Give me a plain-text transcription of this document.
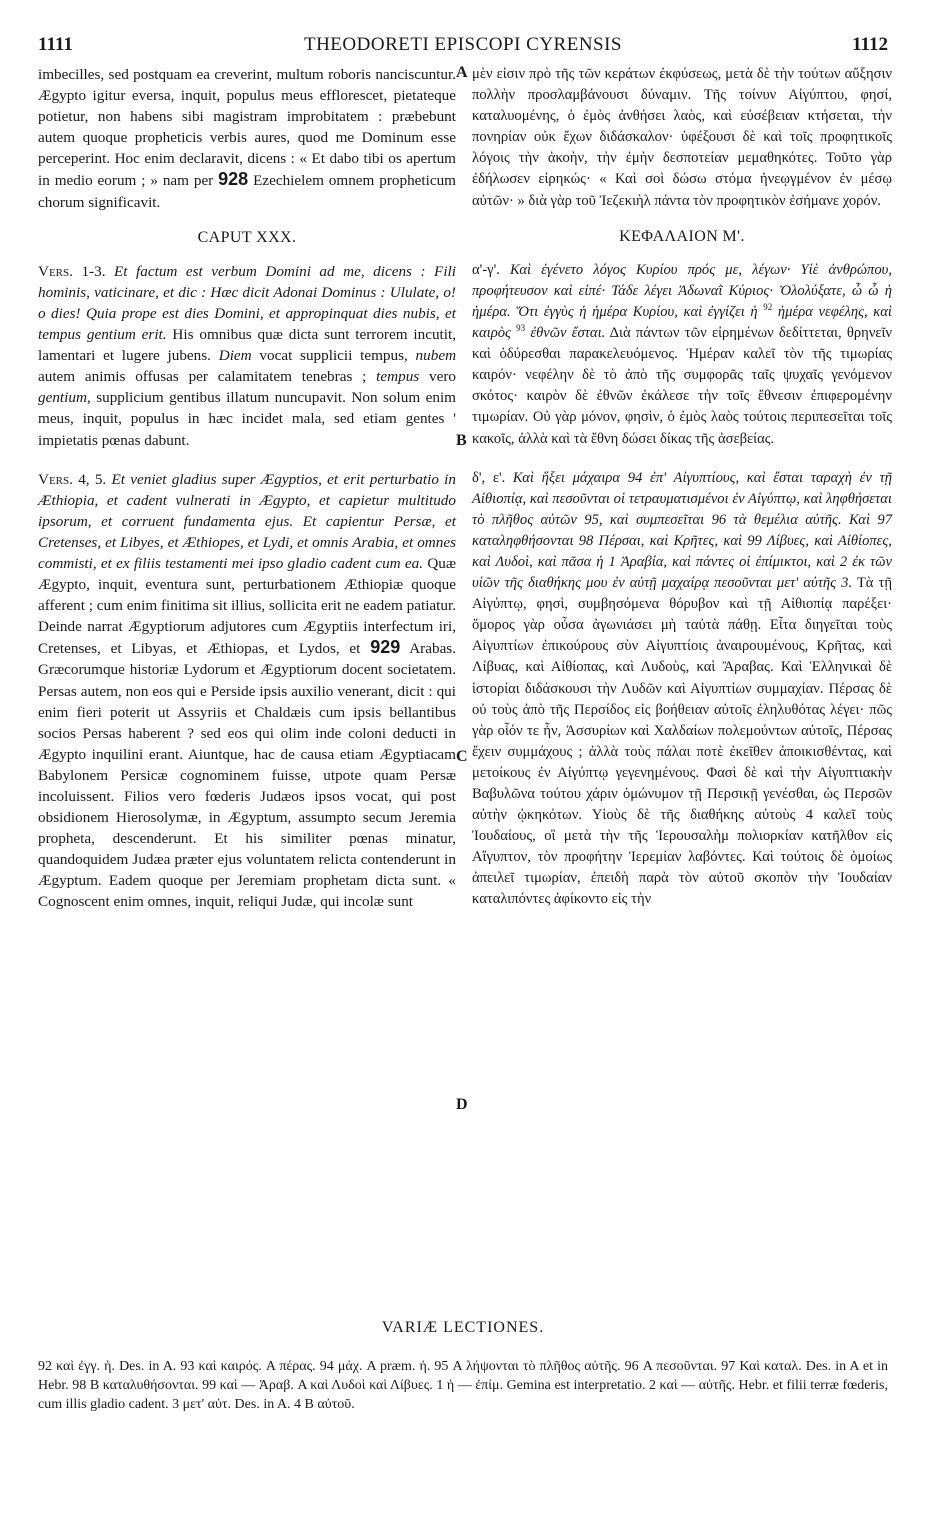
1111	THEODORETI EPISCOPI CYRENSIS	1112

imbecilles, sed postquam ea creverint, multum roboris nanciscuntur. Ægypto igitur eversa, inquit, populus meus efflorescet, pietateque potietur, non habens sibi magistram improbitatem : præbebunt autem quoque propheticis verbis aures, quod me Dominum esse perceperint. Hoc enim declaravit, dicens : « Et dabo tibi os apertum in medio eorum ; » nam per 928 Ezechielem omnem propheticum chorum significavit.

CAPUT XXX.

Vers. 1-3. Et factum est verbum Domini ad me, dicens : Fili hominis, vaticinare, et dic : Hæc dicit Adonai Dominus : Ululate, o! o dies! Quia prope est dies Domini, et appropinquat dies nubis, et tempus gentium erit. His omnibus quæ dicta sunt terrorem incutit, lamentari et lugere jubens. Diem vocat supplicii tempus, nubem autem animis offusas per calamitatem tenebras ; tempus vero gentium, supplicium gentibus illatum nuncupavit. Non solum enim meus, inquit, populus in hæc incidet mala, sed etiam gentes ' impietatis pœnas dabunt.

Vers. 4, 5. Et veniet gladius super Ægyptios, et erit perturbatio in Æthiopia, et cadent vulnerati in Ægypto, et capietur multitudo ipsorum, et corruent fundamenta ejus. Et capientur Persæ, et Cretenses, et Libyes, et Æthiopes, et Lydi, et omnis Arabia, et omnes commisti, et ex filiis testamenti mei ipso gladio cadent cum ea. Quæ Ægypto, inquit, eventura sunt, perturbationem Æthiopiæ quoque afferent ; cum enim finitima sit illius, sollicita erit ne eadem patiatur. Deinde narrat Ægyptiorum adjutores cum Ægyptiis interfectum iri, Cretenses, et Libyas, et Æthiopas, et Lydos, et 929 Arabas. Græcorumque historiæ Lydorum et Ægyptiorum docent societatem. Persas autem, non eos qui e Perside ipsis auxilio venerant, dicit : qui enim fieri poterit ut Assyriis et Chaldæis cum ipsis bellantibus socios Persas haberent ? sed eos qui olim inde coloni deducti in Ægypto inquilini erant. Aiuntque, hac de causa etiam Ægyptiacam Babylonem Persicæ cognominem fuisse, utpote quam Persæ incoluissent. Filios vero fœderis Judæos ipsos vocat, qui post obsidionem Hierosolymæ, in Ægyptum, assumpto secum Jeremia propheta, descenderunt. Et his similiter pœnas minatur, quandoquidem Judæa præter ejus voluntatem relicta contenderunt in Ægyptum. Eadem quoque per Jeremiam prophetam dicta sunt. « Cognoscent enim omnes, inquit, reliqui Judæ, qui incolæ sunt

μὲν εἰσιν πρὸ τῆς τῶν κεράτων ἐκφύσεως, μετὰ δὲ τὴν τούτων αὔξησιν πολλὴν προσλαμβάνουσι δύναμιν. Τῆς τοίνυν Αἰγύπτου, φησί, καταλυομένης, ὁ ἐμὸς ἀνθήσει λαὸς, καὶ εὐσέβειαν κτήσεται, τὴν πονηρίαν οὐκ ἔχων διδάσκαλον· ὑφέξουσι δὲ καὶ τοῖς προφητικοῖς λόγοις τὴν ἀκοὴν, τὴν ἐμὴν δεσποτείαν μεμαθηκότες. Τοῦτο γὰρ ἐδήλωσεν εἰρηκώς· « Καὶ σοὶ δώσω στόμα ἠνεῳγμένον ἐν μέσῳ αὐτῶν· » διὰ γὰρ τοῦ Ἰεζεκιὴλ πάντα τὸν προφητικὸν ἐσήμανε χορόν.

ΚΕΦΑΛΑΙΟΝ Μ'.

α'-γ'. Καὶ ἐγένετο λόγος Κυρίου πρός με, λέγων· Υἱὲ ἀνθρώπου, προφήτευσον καὶ εἰπέ· Τάδε λέγει Ἀδωναῒ Κύριος· Ὀλολύξατε, ὦ ὦ ἡ ἡμέρα. Ὅτι ἐγγὺς ἡ ἡμέρα Κυρίου, καὶ ἐγγίζει ἡ $^{92}$ ἡμέρα νεφέλης, καὶ καιρὸς $^{93}$ ἐθνῶν ἔσται. Διὰ πάντων τῶν εἰρημένων δεδίττεται, θρηνεῖν καὶ ὀδύρεσθαι παρακελευόμενος. Ἡμέραν καλεῖ τὸν τῆς τιμωρίας καιρόν· νεφέλην δὲ τὸ ἀπὸ τῆς συμφορᾶς ταῖς ψυχαῖς γενόμενον σκότος· καιρὸν δὲ ἐθνῶν ἐκάλεσε τὴν τοῖς ἔθνεσιν ἐπιφερομένην τιμωρίαν. Οὐ γὰρ μόνον, φησὶν, ὁ ἐμὸς λαὸς τούτοις περιπεσεῖται τοῖς κακοῖς, ἀλλὰ καὶ τὰ ἔθνη δώσει δίκας τῆς ἀσεβείας.

δ', ε'. Καὶ ἥξει μάχαιρα 94 ἐπ' Αἰγυπτίους, καὶ ἔσται ταραχὴ ἐν τῇ Αἰθιοπίᾳ, καὶ πεσοῦνται οἱ τετραυματισμένοι ἐν Αἰγύπτῳ, καὶ ληφθήσεται τὸ πλῆθος αὐτῶν 95, καὶ συμπεσεῖται 96 τὰ θεμέλια αὐτῆς. Καὶ 97 καταληφθήσονται 98 Πέρσαι, καὶ Κρῆτες, καὶ 99 Λίβυες, καὶ Αἰθίοπες, καὶ Λυδοὶ, καὶ πᾶσα ἡ 1 Ἀραβία, καὶ πάντες οἱ ἐπίμικτοι, καὶ 2 ἐκ τῶν υἱῶν τῆς διαθήκης μου ἐν αὐτῇ μαχαίρᾳ πεσοῦνται μετ' αὐτῆς 3. Τὰ τῇ Αἰγύπτῳ, φησὶ, συμβησόμενα θόρυβον καὶ τῇ Αἰθιοπίᾳ παρέξει· ὅμορος γὰρ οὖσα ἀγωνιάσει μὴ ταὐτὰ πάθῃ. Εἶτα διηγεῖται τοὺς Αἰγυπτίων ἐπικούρους σὺν Αἰγυπτίοις ἀναιρουμένους, Κρῆτας, καὶ Λίβυας, καὶ Αἰθίοπας, καὶ Λυδοὺς, καὶ Ἄραβας. Καὶ Ἑλληνικαὶ δὲ ἱστορίαι διδάσκουσι τὴν Λυδῶν καὶ Αἰγυπτίων συμμαχίαν. Πέρσας δὲ οὐ τοὺς ἀπὸ τῆς Περσίδος εἰς βοήθειαν αὐτοῖς ἐληλυθότας λέγει· πῶς γὰρ οἷόν τε ἦν, Ἀσσυρίων καὶ Χαλδαίων πολεμούντων αὐτοῖς, Πέρσας ἔχειν συμμάχους ; ἀλλὰ τοὺς πάλαι ποτὲ ἐκεῖθεν ἀποικισθέντας, καὶ μετοίκους ἐν Αἰγύπτῳ γεγενημένους. Φασὶ δὲ καὶ τὴν Αἰγυπτιακὴν Βαβυλῶνα τούτου χάριν ὁμώνυμον τῇ Περσικῇ γενέσθαι, ὡς Περσῶν αὐτὴν ᾠκηκότων. Υἱοὺς δὲ τῆς διαθήκης αὐτοὺς 4 καλεῖ τοὺς Ἰουδαίους, οἳ μετὰ τὴν τῆς Ἱερουσαλὴμ πολιορκίαν κατῆλθον εἰς Αἴγυπτον, τὸν προφήτην Ἱερεμίαν λαβόντες. Καὶ τούτοις δὲ ὁμοίως ἀπειλεῖ τιμωρίαν, ἐπειδὴ παρὰ τὸν αὐτοῦ σκοπὸν τὴν Ἰουδαίαν καταλιπόντες ἀφίκοντο εἰς τὴν

A
B
C
D
VARIÆ LECTIONES.
92 καὶ ἐγγ. ἡ. Des. in A. 93 καὶ καιρός. A πέρας. 94 μάχ. A præm. ἡ. 95 A λήψονται τὸ πλῆθος αὐτῆς. 96 A πεσοῦνται. 97 Καὶ καταλ. Des. in A et in Hebr. 98 B καταλυθήσονται. 99 καὶ — Ἀραβ. A καὶ Λυδοὶ καὶ Λίβυες. 1 ἡ — ἐπίμ. Gemina est interpretatio. 2 καὶ — αὐτῆς. Hebr. et filii terræ fœderis, cum illis gladio cadent. 3 μετ' αὐτ. Des. in A. 4 B αὐτοῦ.
